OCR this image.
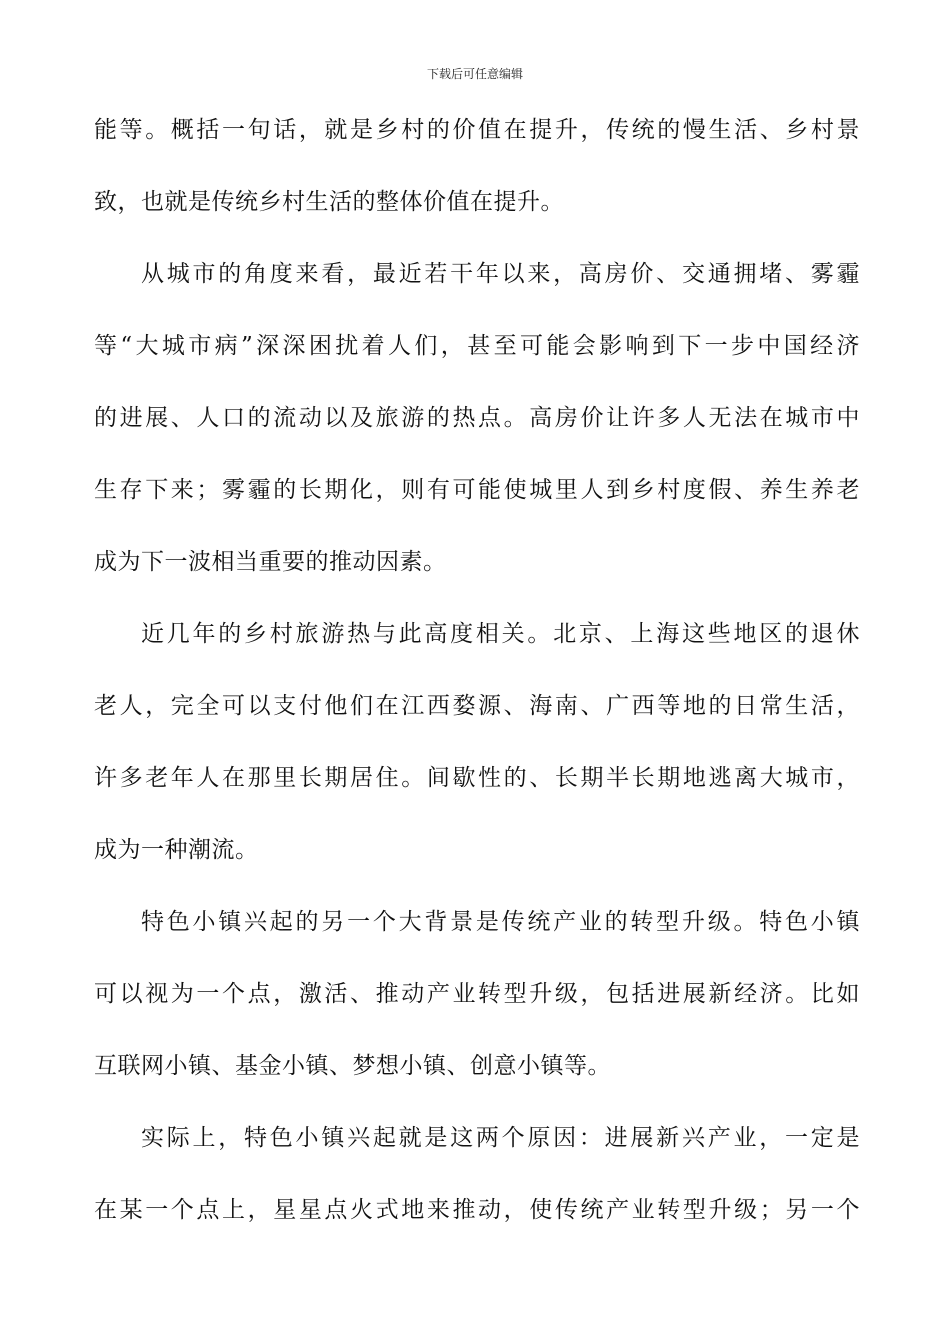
下载后可任意编辑
能等。概括一句话，就是乡村的价值在提升，传统的慢生活、乡村景
致，也就是传统乡村生活的整体价值在提升。
从城市的角度来看，最近若干年以来，高房价、交通拥堵、雾霾
等“大城市病”深深困扰着人们，甚至可能会影响到下一步中国经济
的进展、人口的流动以及旅游的热点。高房价让许多人无法在城市中
生存下来；雾霾的长期化，则有可能使城里人到乡村度假、养生养老
成为下一波相当重要的推动因素。
近几年的乡村旅游热与此高度相关。北京、上海这些地区的退休
老人，完全可以支付他们在江西婺源、海南、广西等地的日常生活，
许多老年人在那里长期居住。间歇性的、长期半长期地逃离大城市，
成为一种潮流。
特色小镇兴起的另一个大背景是传统产业的转型升级。特色小镇
可以视为一个点，激活、推动产业转型升级，包括进展新经济。比如
互联网小镇、基金小镇、梦想小镇、创意小镇等。
实际上，特色小镇兴起就是这两个原因：进展新兴产业，一定是
在某一个点上，星星点火式地来推动，使传统产业转型升级；另一个
